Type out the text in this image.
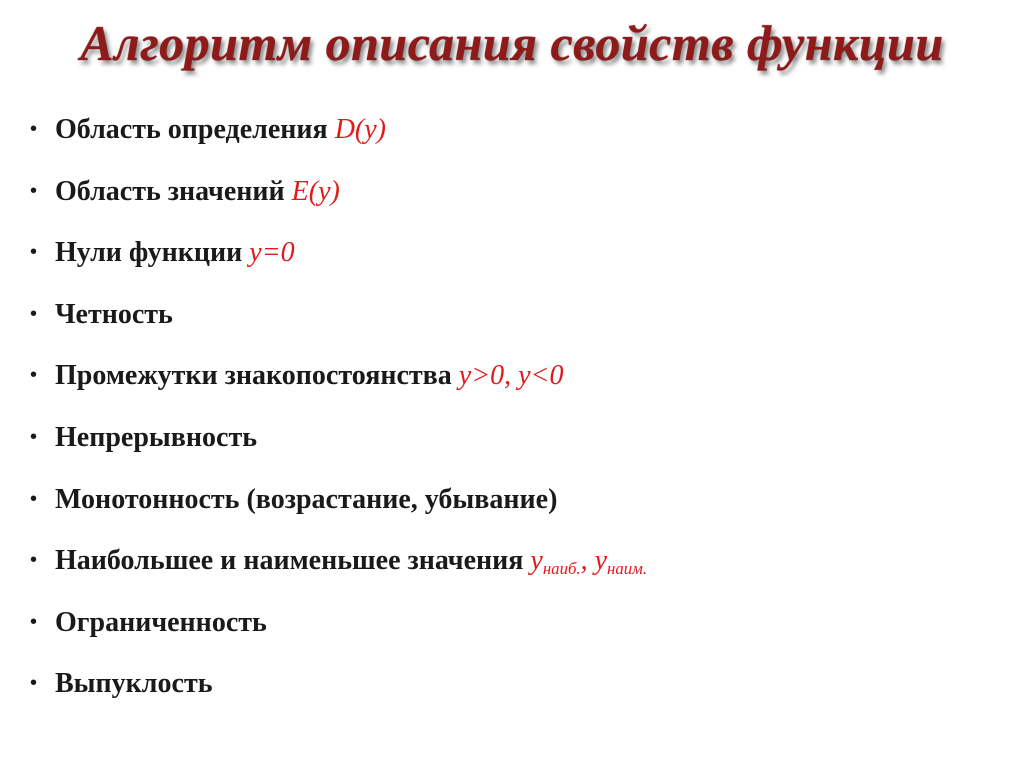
Алгоритм описания свойств функции
• Область определения D(y)
• Область значений E(y)
• Нули функции y=0
• Четность
• Промежутки знакопостоянства y>0, y<0
• Непрерывность
• Монотонность (возрастание, убывание)
• Наибольшее и наименьшее значения $y_{наиб.}$, $y_{наим.}$
• Ограниченность
• Выпуклость
